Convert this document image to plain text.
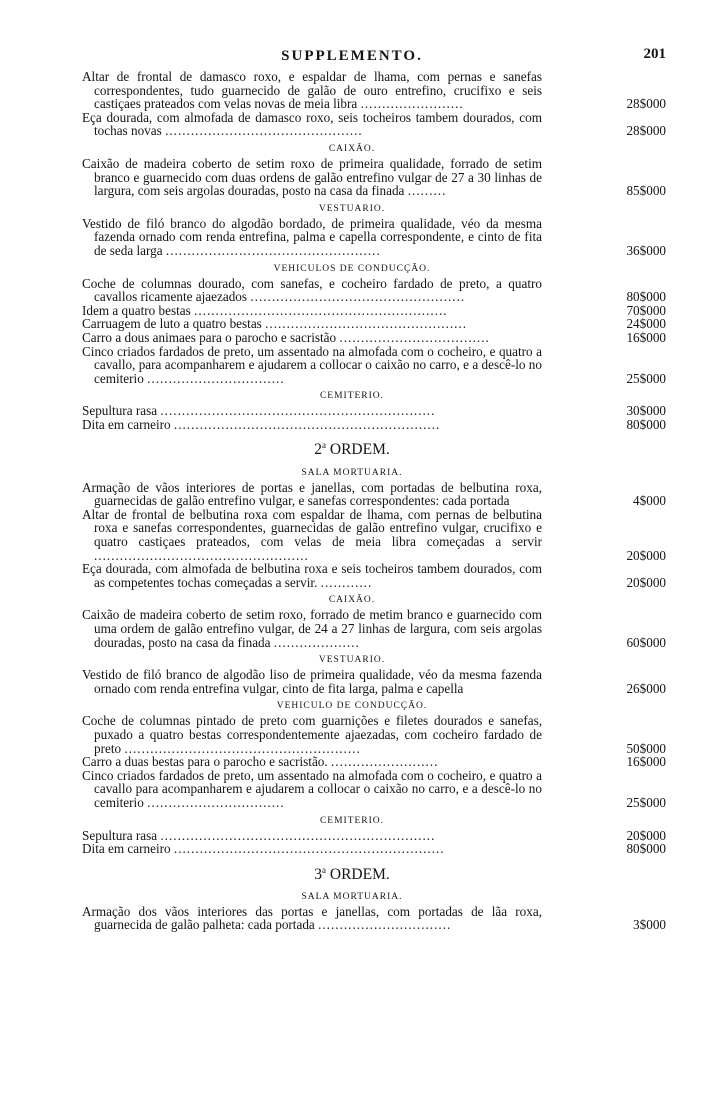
SUPPLEMENTO.	201
Altar de frontal de damasco roxo, e espaldar de lhama, com pernas e sanefas correspondentes, tudo guarnecido de galão de ouro entrefino, crucifixo e seis castiçaes prateados com velas novas de meia libra ........................	28$000
Eça dourada, com almofada de damasco roxo, seis tocheiros tambem dourados, com tochas novas ..............................................	28$000
CAIXÃO.
Caixão de madeira coberto de setim roxo de primeira qualidade, forrado de setim branco e guarnecido com duas ordens de galão entrefino vulgar de 27 a 30 linhas de largura, com seis argolas douradas, posto na casa da finada .........	85$000
VESTUARIO.
Vestido de filó branco do algodão bordado, de primeira qualidade, véo da mesma fazenda ornado com renda entrefina, palma e capella correspondente, e cinto de fita de seda larga ..................................................	36$000
VEHICULOS DE CONDUCÇÃO.
Coche de columnas dourado, com sanefas, e cocheiro fardado de preto, a quatro cavallos ricamente ajaezados ..................................................	80$000
Idem a quatro bestas ...........................................................	70$000
Carruagem de luto a quatro bestas ...............................................	24$000
Carro a dous animaes para o parocho e sacristão ...................................	16$000
Cinco criados fardados de preto, um assentado na almofada com o cocheiro, e quatro a cavallo, para acompanharem e ajudarem a collocar o caixão no carro, e a descê-lo no cemiterio ................................	25$000
CEMITERIO.
Sepultura rasa ................................................................	30$000
Dita em carneiro ..............................................................	80$000
2$^a$ ORDEM.
SALA MORTUARIA.
Armação de vãos interiores de portas e janellas, com portadas de belbutina roxa, guarnecidas de galão entrefino vulgar, e sanefas correspondentes: cada portada	4$000
Altar de frontal de belbutina roxa com espaldar de lhama, com pernas de belbutina roxa e sanefas correspondentes, guarnecidas de galão entrefino vulgar, crucifixo e quatro castiçaes prateados, com velas de meia libra começadas a servir ..................................................	20$000
Eça dourada, com almofada de belbutina roxa e seis tocheiros tambem dourados, com as competentes tochas começadas a servir. ............	20$000
CAIXÃO.
Caixão de madeira coberto de setim roxo, forrado de metim branco e guarnecido com uma ordem de galão entrefino vulgar, de 24 a 27 linhas de largura, com seis argolas douradas, posto na casa da finada ....................	60$000
VESTUARIO.
Vestido de filó branco de algodão liso de primeira qualidade, véo da mesma fazenda ornado com renda entrefina vulgar, cinto de fita larga, palma e capella	26$000
VEHICULO DE CONDUCÇÃO.
Coche de columnas pintado de preto com guarnições e filetes dourados e sanefas, puxado a quatro bestas correspondentemente ajaezadas, com cocheiro fardado de preto .......................................................	50$000
Carro a duas bestas para o parocho e sacristão. .........................	16$000
Cinco criados fardados de preto, um assentado na almofada com o cocheiro, e quatro a cavallo para acompanharem e ajudarem a collocar o caixão no carro, e a descê-lo no cemiterio ................................	25$000
CEMITERIO.
Sepultura rasa ................................................................	20$000
Dita em carneiro ...............................................................	80$000
3$^a$ ORDEM.
SALA MORTUARIA.
Armação dos vãos interiores das portas e janellas, com portadas de lãa roxa, guarnecida de galão palheta: cada portada ...............................	3$000
